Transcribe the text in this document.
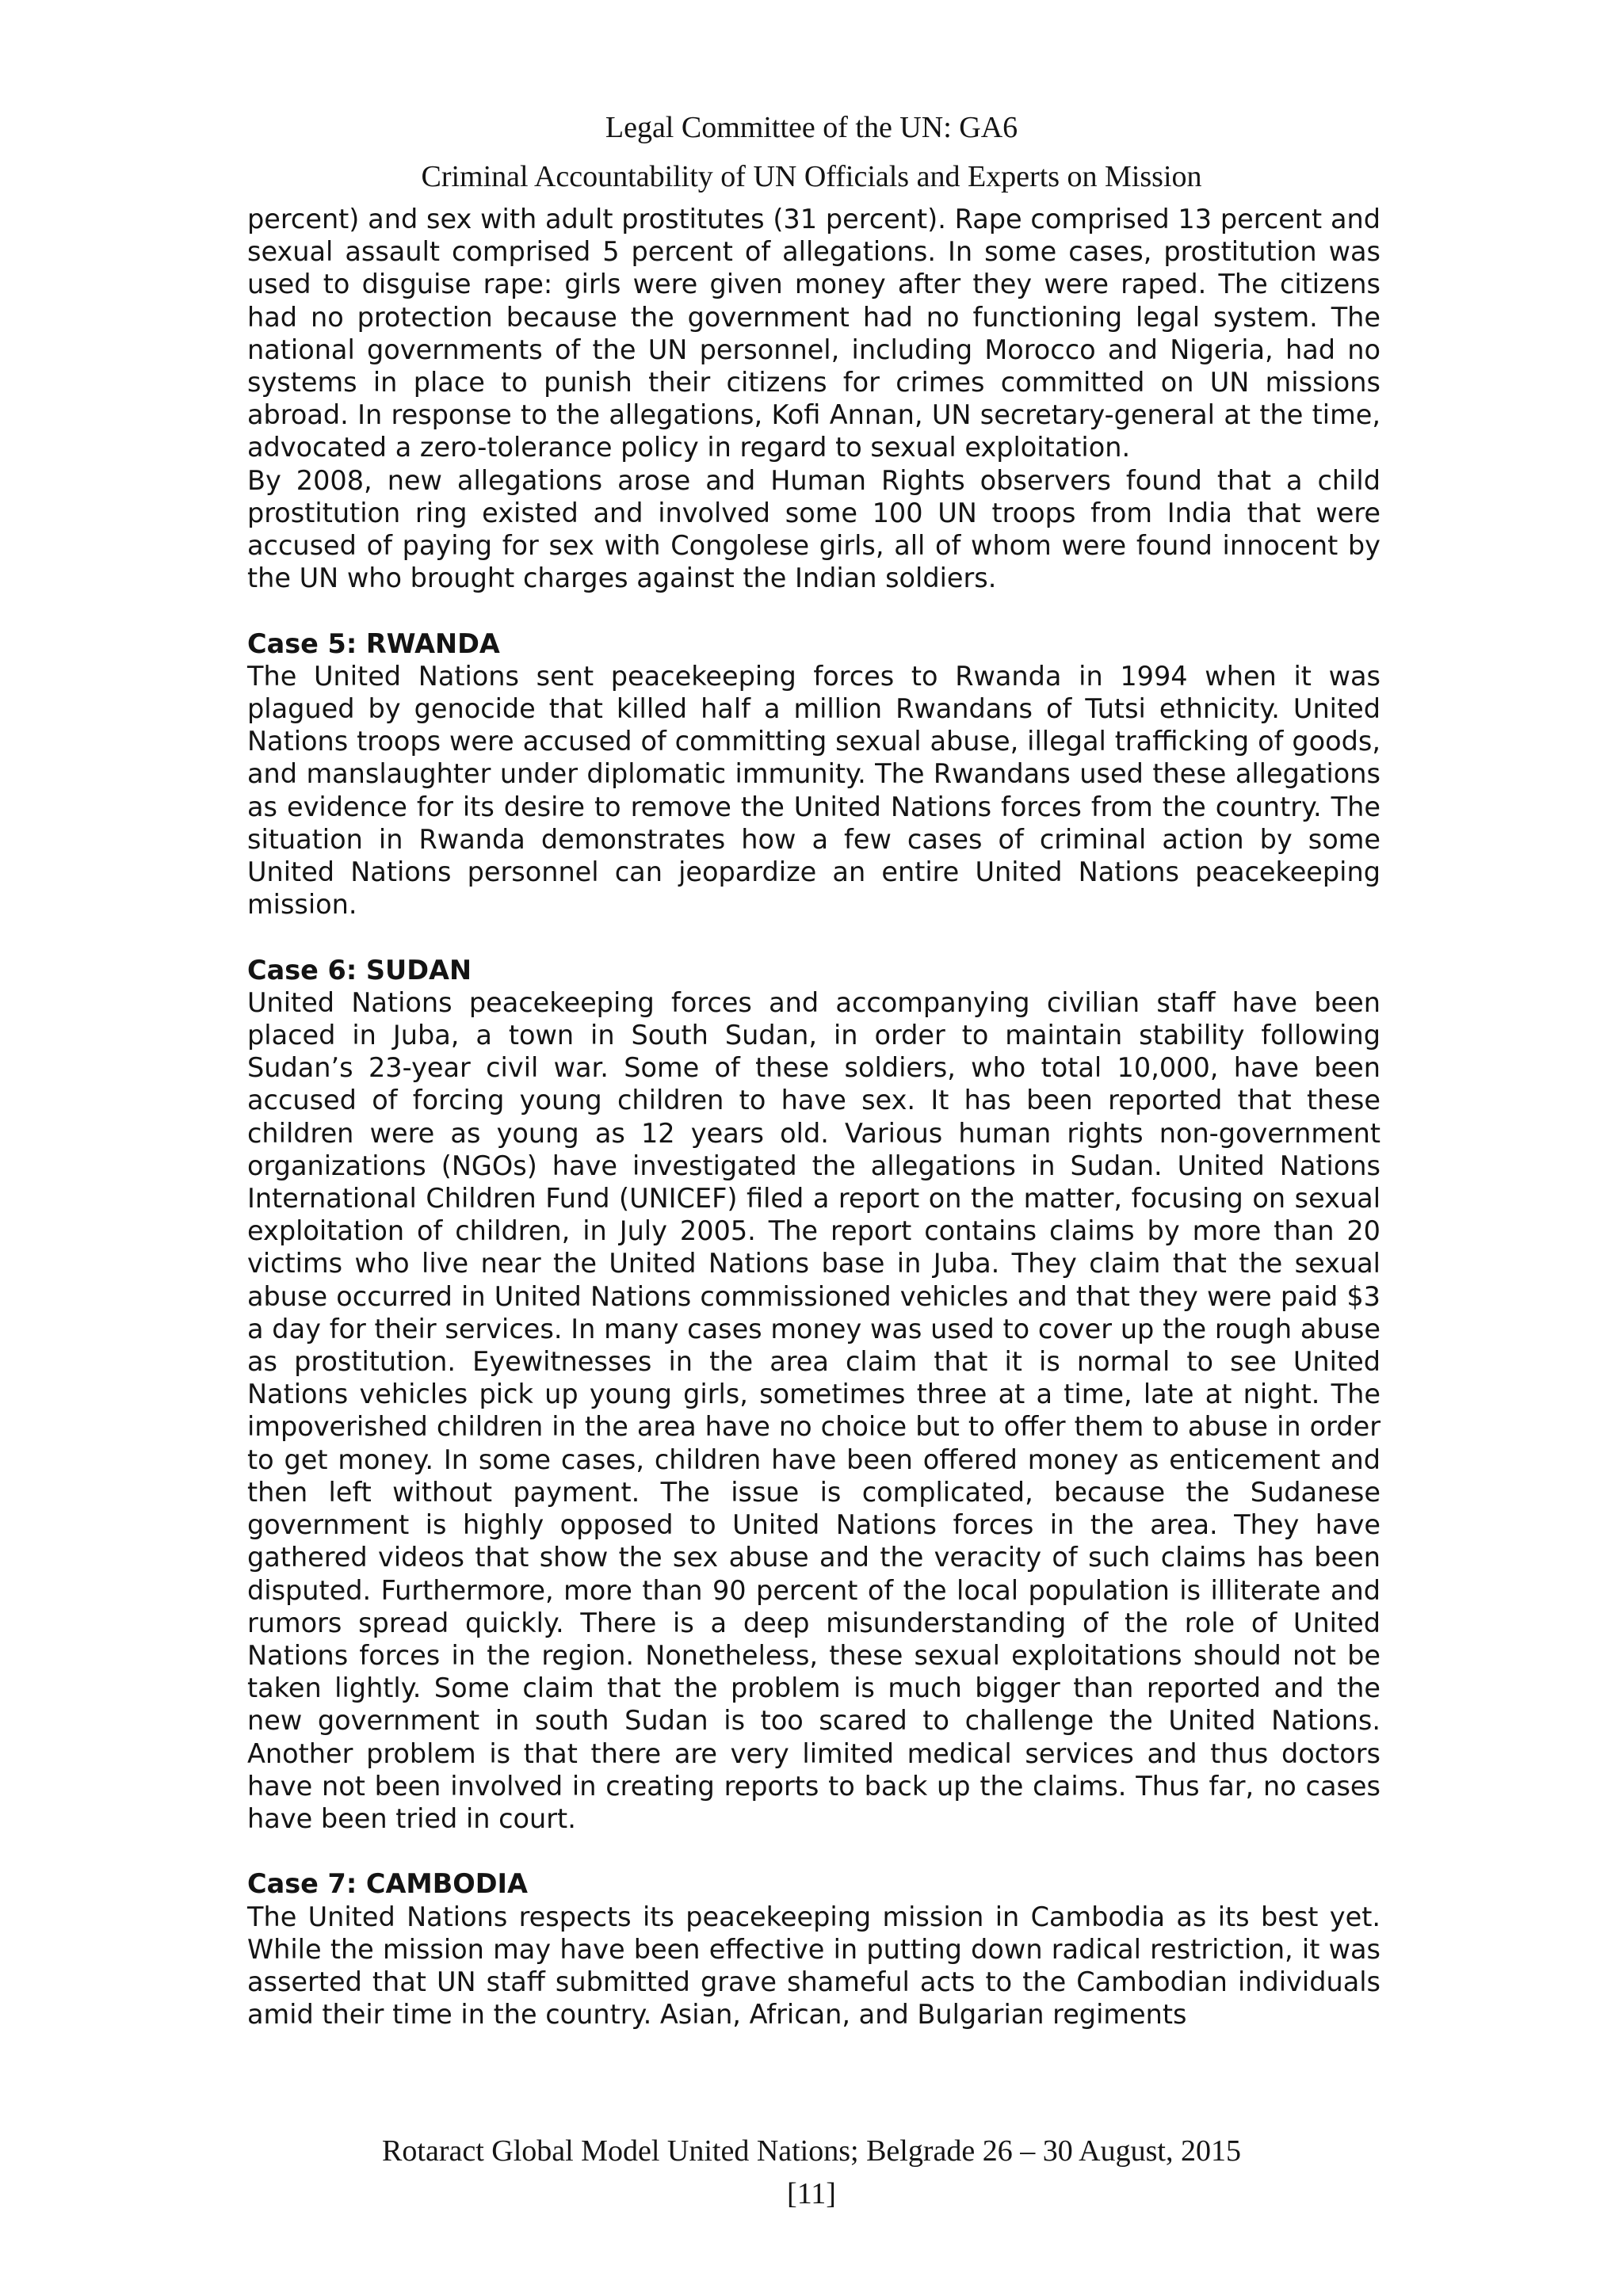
Legal Committee of the UN: GA6
Criminal Accountability of UN Officials and Experts on Mission

percent) and sex with adult prostitutes (31 percent). Rape comprised 13 percent and sexual assault comprised 5 percent of allegations. In some cases, prostitution was used to disguise rape: girls were given money after they were raped. The citizens had no protection because the government had no functioning legal system. The national governments of the UN personnel, including Morocco and Nigeria, had no systems in place to punish their citizens for crimes committed on UN missions abroad. In response to the allegations, Kofi Annan, UN secretary-general at the time, advocated a zero-tolerance policy in regard to sexual exploitation.

By 2008, new allegations arose and Human Rights observers found that a child prostitution ring existed and involved some 100 UN troops from India that were accused of paying for sex with Congolese girls, all of whom were found innocent by the UN who brought charges against the Indian soldiers.

Case 5: RWANDA

The United Nations sent peacekeeping forces to Rwanda in 1994 when it was plagued by genocide that killed half a million Rwandans of Tutsi ethnicity. United Nations troops were accused of committing sexual abuse, illegal trafficking of goods, and manslaughter under diplomatic immunity. The Rwandans used these allegations as evidence for its desire to remove the United Nations forces from the country. The situation in Rwanda demonstrates how a few cases of criminal action by some United Nations personnel can jeopardize an entire United Nations peacekeeping mission.

Case 6: SUDAN

United Nations peacekeeping forces and accompanying civilian staff have been placed in Juba, a town in South Sudan, in order to maintain stability following Sudan’s 23-year civil war. Some of these soldiers, who total 10,000, have been accused of forcing young children to have sex. It has been reported that these children were as young as 12 years old. Various human rights non-government organizations (NGOs) have investigated the allegations in Sudan. United Nations International Children Fund (UNICEF) filed a report on the matter, focusing on sexual exploitation of children, in July 2005. The report contains claims by more than 20 victims who live near the United Nations base in Juba. They claim that the sexual abuse occurred in United Nations commissioned vehicles and that they were paid $3 a day for their services. In many cases money was used to cover up the rough abuse as prostitution. Eyewitnesses in the area claim that it is normal to see United Nations vehicles pick up young girls, sometimes three at a time, late at night. The impoverished children in the area have no choice but to offer them to abuse in order to get money. In some cases, children have been offered money as enticement and then left without payment. The issue is complicated, because the Sudanese government is highly opposed to United Nations forces in the area. They have gathered videos that show the sex abuse and the veracity of such claims has been disputed. Furthermore, more than 90 percent of the local population is illiterate and rumors spread quickly. There is a deep misunderstanding of the role of United Nations forces in the region. Nonetheless, these sexual exploitations should not be taken lightly. Some claim that the problem is much bigger than reported and the new government in south Sudan is too scared to challenge the United Nations. Another problem is that there are very limited medical services and thus doctors have not been involved in creating reports to back up the claims. Thus far, no cases have been tried in court.

Case 7: CAMBODIA

The United Nations respects its peacekeeping mission in Cambodia as its best yet. While the mission may have been effective in putting down radical restriction, it was asserted that UN staff submitted grave shameful acts to the Cambodian individuals amid their time in the country. Asian, African, and Bulgarian regiments

Rotaract Global Model United Nations; Belgrade 26 – 30 August, 2015
[11]
